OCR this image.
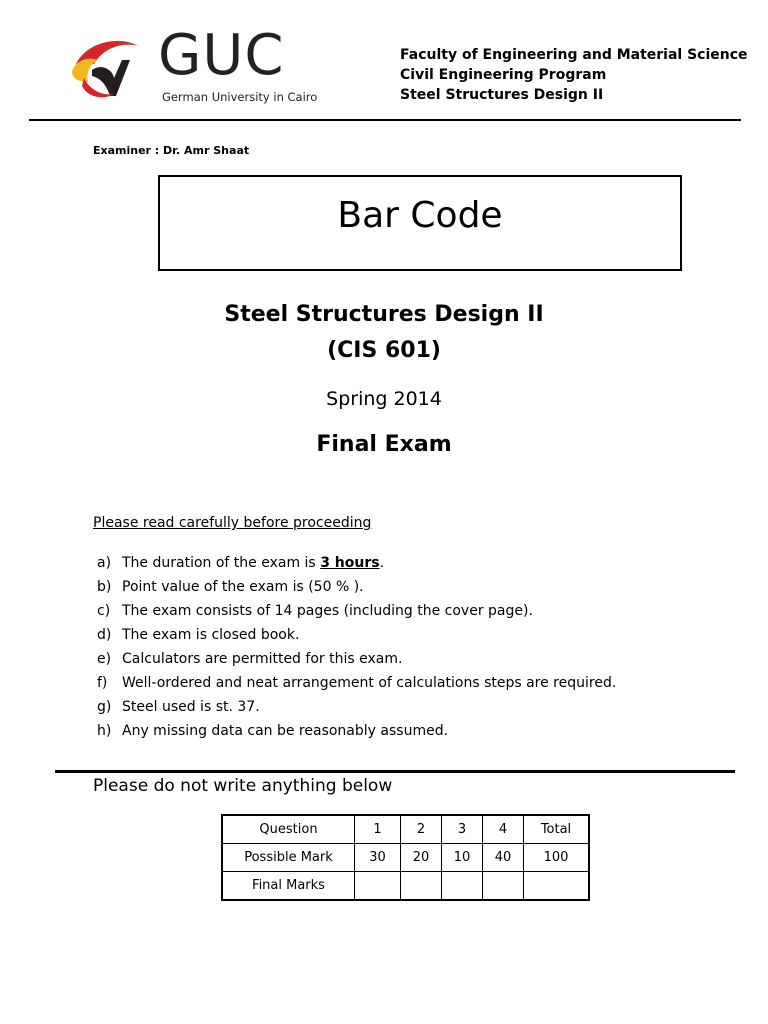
GUC
German University in Cairo
Faculty of Engineering and Material Science
Civil Engineering Program
Steel Structures Design II
Examiner : Dr. Amr Shaat
Bar Code
Steel Structures Design II
(CIS 601)
Spring 2014
Final Exam
Please read carefully before proceeding
a) The duration of the exam is 3 hours.
b) Point value of the exam is (50 % ).
c) The exam consists of 14 pages (including the cover page).
d) The exam is closed book.
e) Calculators are permitted for this exam.
f)	Well-ordered and neat arrangement of calculations steps are required.
g) Steel used is st. 37.
h) Any missing data can be reasonably assumed.
Please do not write anything below
Question	1	2	3	4	Total
Possible Mark	30	20	10	40	100
Final Marks					
